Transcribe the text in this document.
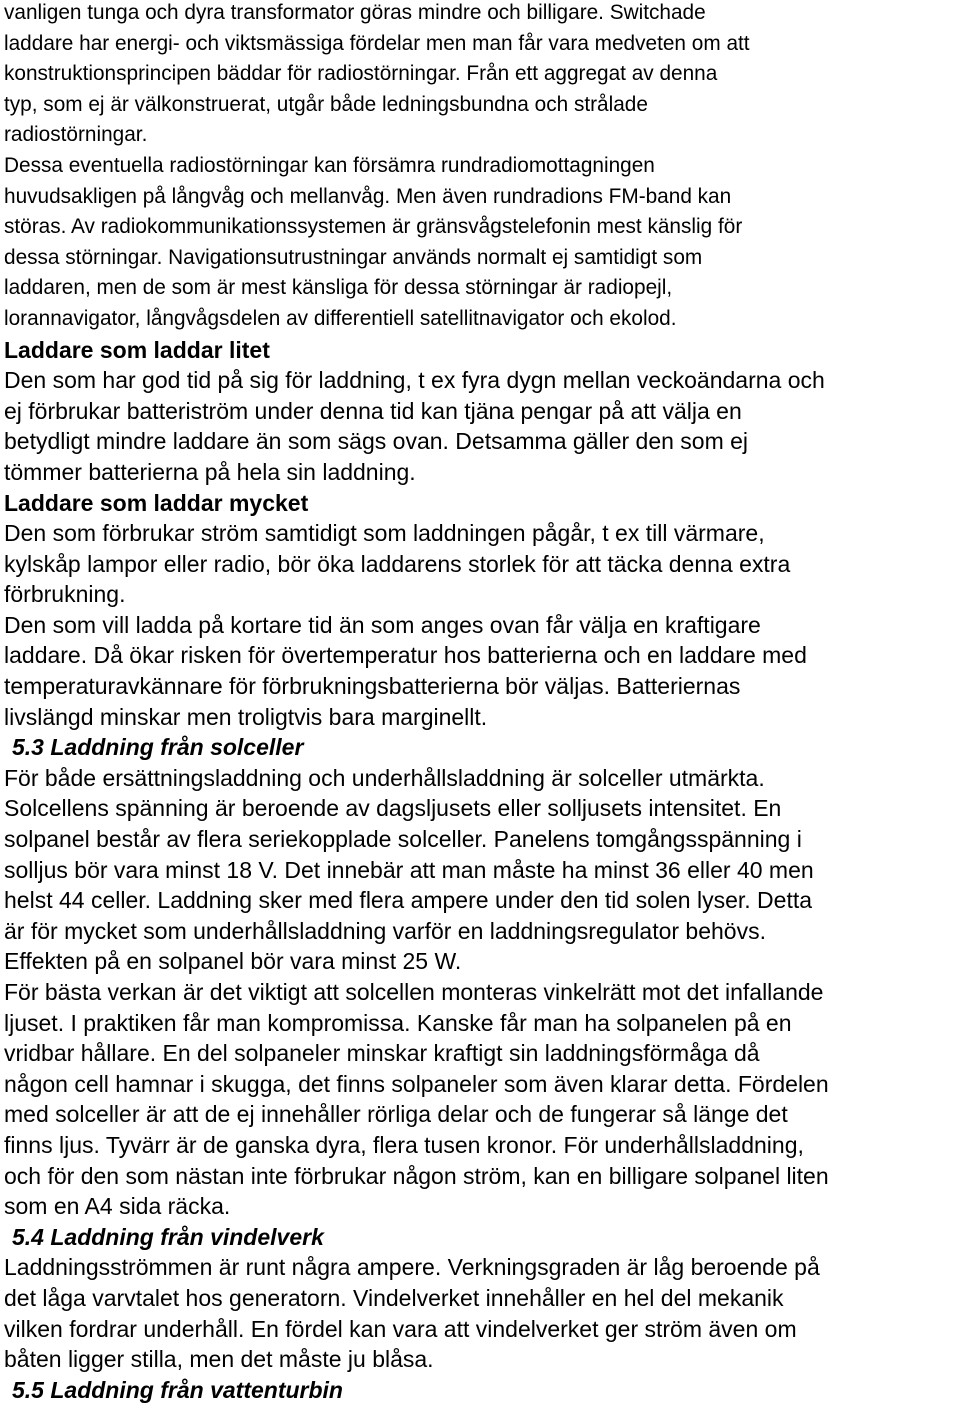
vanligen tunga och dyra transformator göras mindre och billigare. Switchade
laddare har energi- och viktsmässiga fördelar men man får vara medveten om att
konstruktionsprincipen bäddar för radiostörningar. Från ett aggregat av denna
typ, som ej är välkonstruerat, utgår både ledningsbundna och strålade
radiostörningar.
Dessa eventuella radiostörningar kan försämra rundradiomottagningen
huvudsakligen på långvåg och mellanvåg. Men även rundradions FM-band kan
störas. Av radiokommunikationssystemen är gränsvågstelefonin mest känslig för
dessa störningar. Navigationsutrustningar används normalt ej samtidigt som
laddaren, men de som är mest känsliga för dessa störningar är radiopejl,
lorannavigator, långvågsdelen av differentiell satellitnavigator och ekolod.
Laddare som laddar litet
Den som har god tid på sig för laddning, t ex fyra dygn mellan veckoändarna och
ej förbrukar batteriström under denna tid kan tjäna pengar på att välja en
betydligt mindre laddare än som sägs ovan. Detsamma gäller den som ej
tömmer batterierna på hela sin laddning.
Laddare som laddar mycket
Den som förbrukar ström samtidigt som laddningen pågår, t ex till värmare,
kylskåp lampor eller radio, bör öka laddarens storlek för att täcka denna extra
förbrukning.
Den som vill ladda på kortare tid än som anges ovan får välja en kraftigare
laddare. Då ökar risken för övertemperatur hos batterierna och en laddare med
temperaturavkännare för förbrukningsbatterierna bör väljas. Batteriernas
livslängd minskar men troligtvis bara marginellt.
5.3 Laddning från solceller
För både ersättningsladdning och underhållsladdning är solceller utmärkta.
Solcellens spänning är beroende av dagsljusets eller solljusets intensitet. En
solpanel består av flera seriekopplade solceller. Panelens tomgångsspänning i
solljus bör vara minst 18 V. Det innebär att man måste ha minst 36 eller 40 men
helst 44 celler. Laddning sker med flera ampere under den tid solen lyser. Detta
är för mycket som underhållsladdning varför en laddningsregulator behövs.
Effekten på en solpanel bör vara minst 25 W.
För bästa verkan är det viktigt att solcellen monteras vinkelrätt mot det infallande
ljuset. I praktiken får man kompromissa. Kanske får man ha solpanelen på en
vridbar hållare. En del solpaneler minskar kraftigt sin laddningsförmåga då
någon cell hamnar i skugga, det finns solpaneler som även klarar detta. Fördelen
med solceller är att de ej innehåller rörliga delar och de fungerar så länge det
finns ljus. Tyvärr är de ganska dyra, flera tusen kronor. För underhållsladdning,
och för den som nästan inte förbrukar någon ström, kan en billigare solpanel liten
som en A4 sida räcka.
5.4 Laddning från vindelverk
Laddningsströmmen är runt några ampere. Verkningsgraden är låg beroende på
det låga varvtalet hos generatorn. Vindelverket innehåller en hel del mekanik
vilken fordrar underhåll. En fördel kan vara att vindelverket ger ström även om
båten ligger stilla, men det måste ju blåsa.
5.5 Laddning från vattenturbin
